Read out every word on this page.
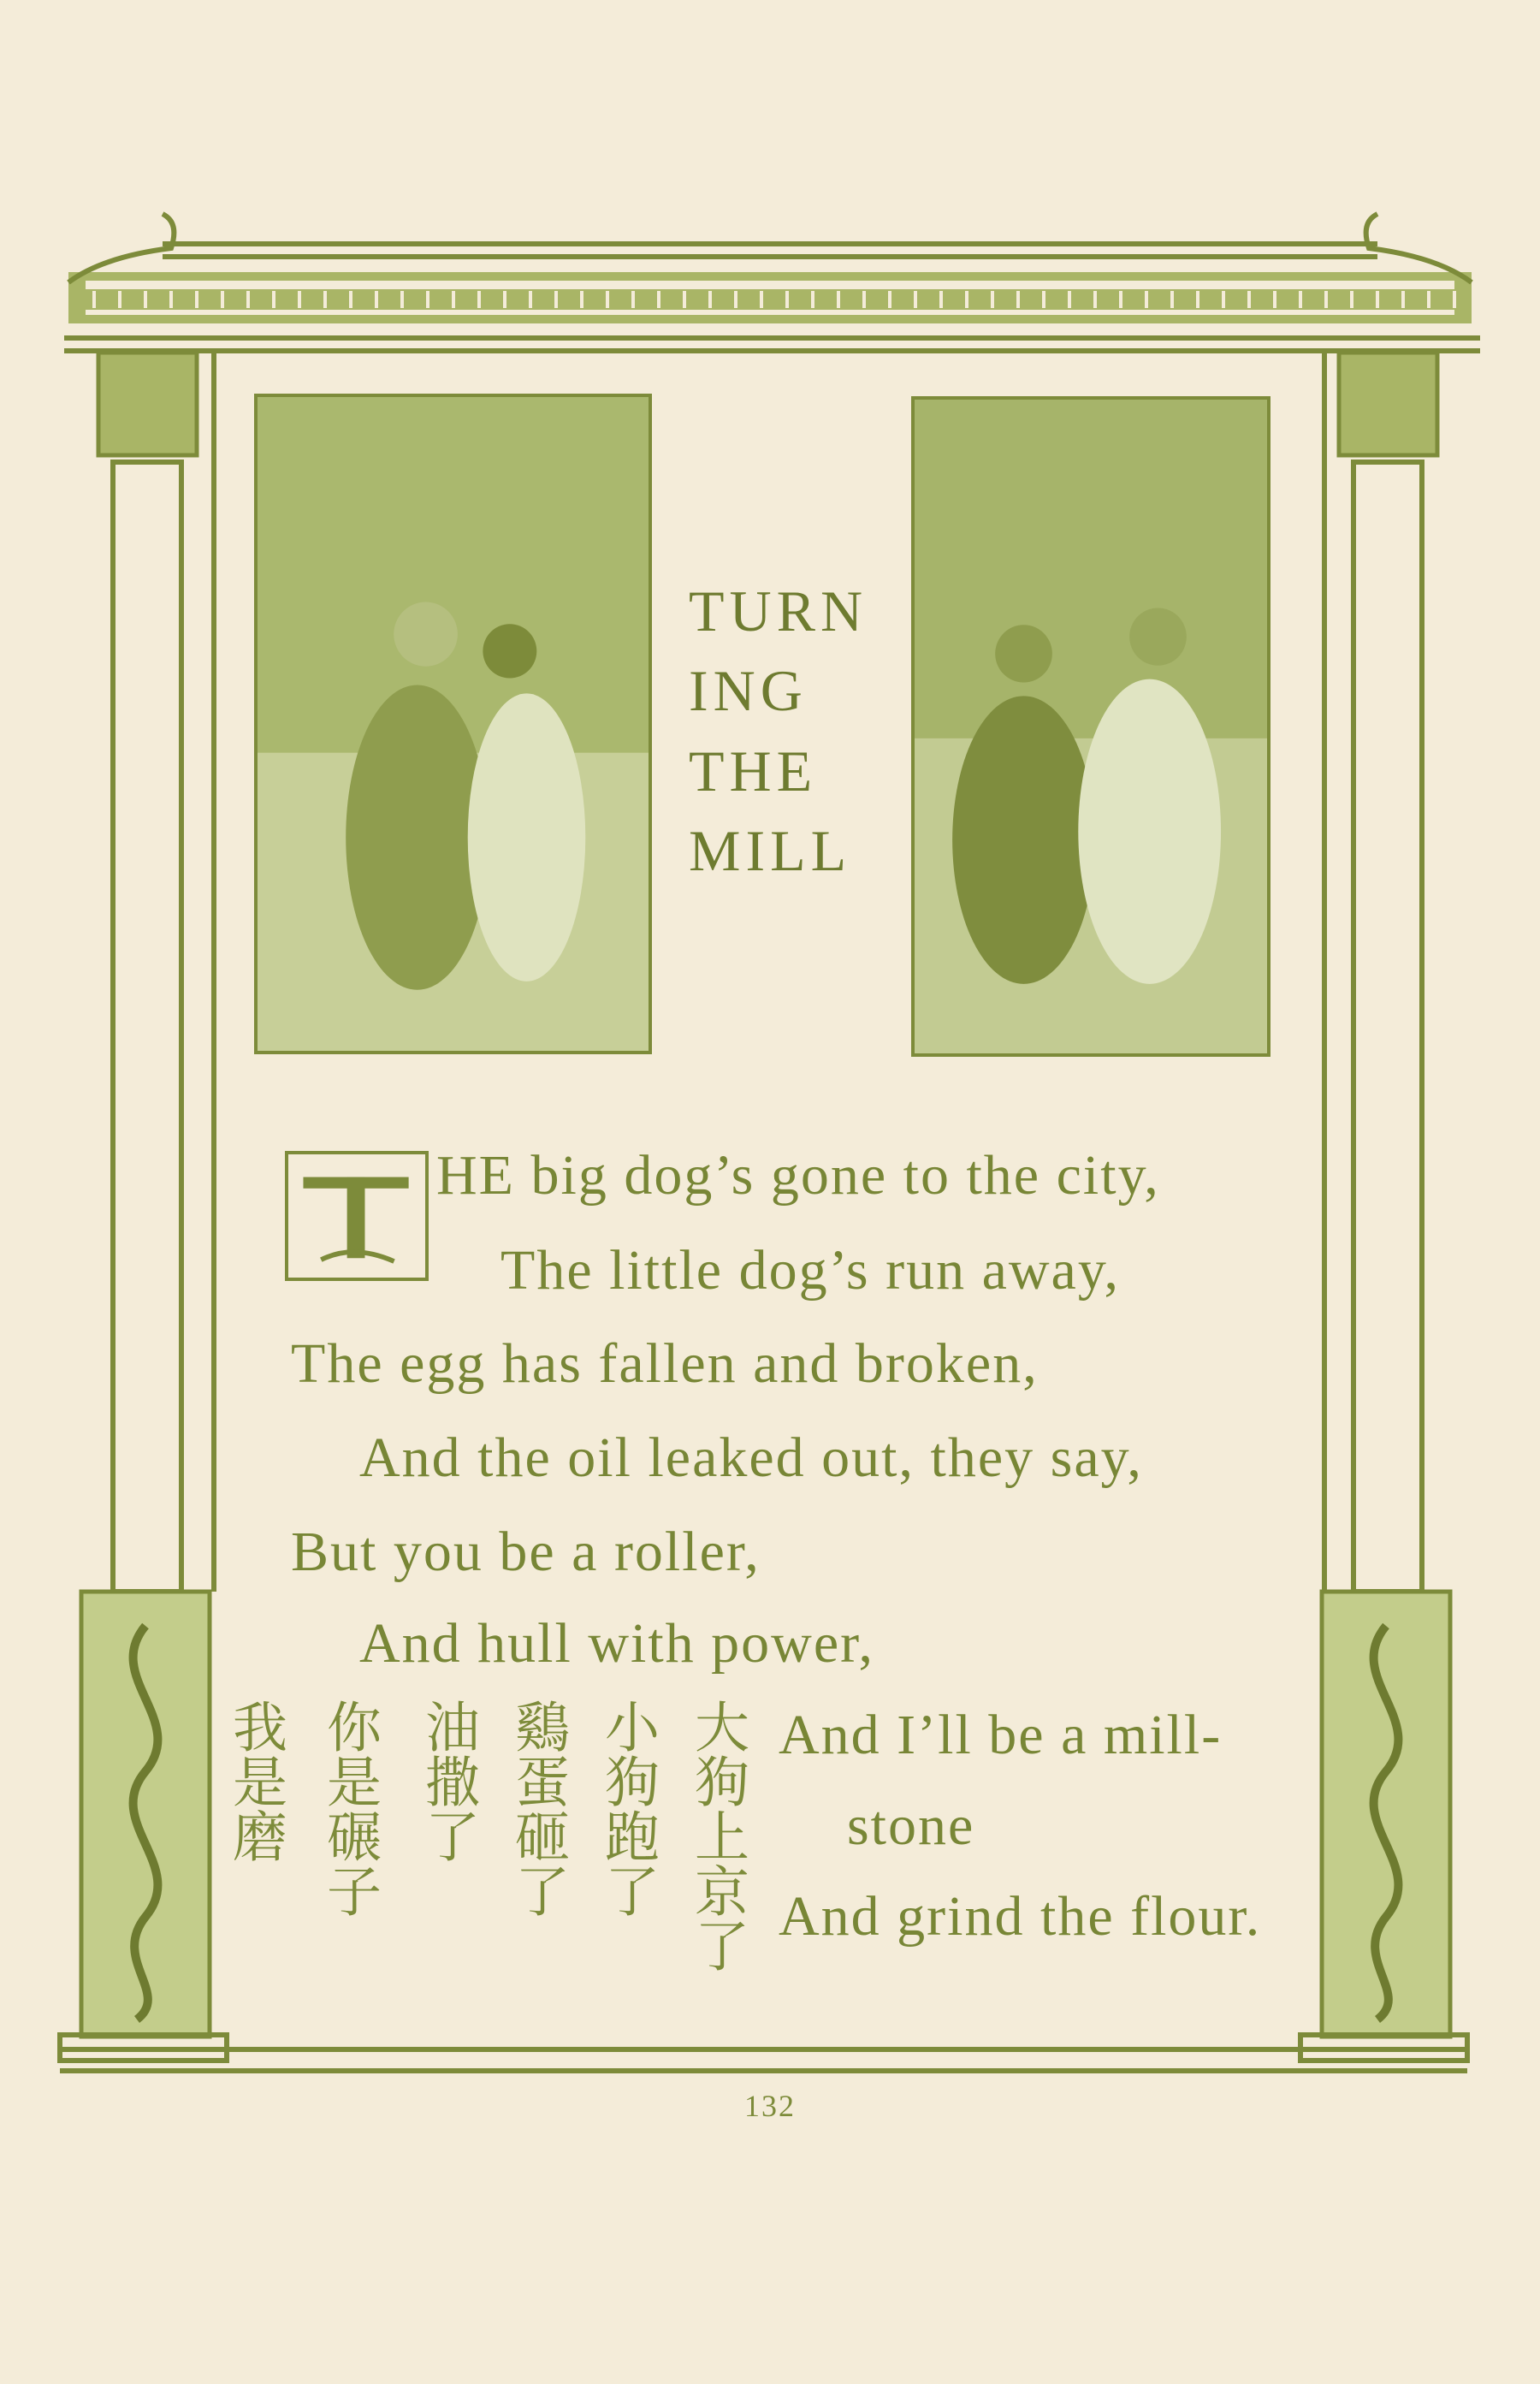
TURN
ING
THE
MILL
HE big dog’s gone to the city,
The little dog’s run away,
The egg has fallen and broken,
And the oil leaked out, they say,
But you be a roller,
And hull with power,
And I’ll be a mill-
stone
And grind the flour.
大狗上京了
小狗跑了
鷄蛋砸了
油撒了
你是碾子
我是磨
132
